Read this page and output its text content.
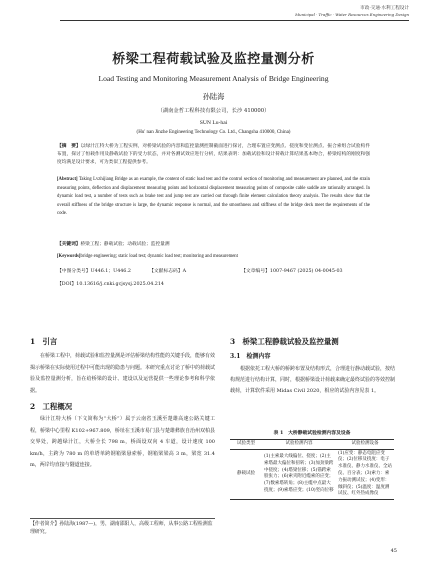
市政·交通·水利工程设计
Municipal · Traffic · Water Resources Engineering Design
桥梁工程荷载试验及监控量测分析
Load Testing and Monitoring Measurement Analysis of Bridge Engineering
孙陆海
（湖南金哲工程科技有限公司，长沙 410000）
SUN Lu-hai
(Hu' nan Jinzhe Engineering Technology Co. Ltd., Changsha 410000, China)
【摘　要】以绿汁江特大桥为工程实例，对桥梁试验的内容和监控量测控制截面进行探讨，合理布置应变测点、挠度和变位测点、振合索组合试验构件布置，探讨了恒载作用及静载试验下的受力状态，并对各测试效应进行分析，结果表明：加载试验和设计荷载计算结果基本吻合，桥梁结构的刚度和强度均满足设计要求，可为类似工程提供参考。
[Abstract] Taking Lvzhijiang Bridge as an example, the content of static load test and the control section of monitoring and measurement are planned, and the strain measuring points, deflection and displacement measuring points and horizontal displacement measuring points of composite cable saddle are rationally arranged. In dynamic load test, a number of tests such as brake test and jump test are carried out through finite element calculation theory analysis. The results show that the overall stiffness of the bridge structure is large, the dynamic response is normal, and the smoothness and stiffness of the bridge deck meet the requirements of the code.
【关键词】桥梁工程；静载试验；动载试验；监控量测
[Keywords]bridge engineering; static load test; dynamic load test; monitoring and measurement
【中图分类号】U446.1；U446.2	【文献标志码】A	【文章编号】1007-9467 (2025) 04-0045-03
【DOI】10.13616/j.cnki.gcjsysj.2025.04.214
1　引言
在桥梁工程中，荷载试验和监控量测是评估桥梁结构性能的关键手段，能够有效揭示桥梁在实际使用过程中可能出现的隐患与问题。本研究重点讨论了桥中的荷载试验及监控量测分析，旨在给桥梁的设计、建设以及运营提供一些理论参考和科学依据。
2　工程概况
绿汁江特大桥（下文简称为“大桥”）属于云南省玉溪至楚雄高速公路关键工程，桥梁中心里程 K102+967.809，桥址在玉溪市易门县与楚雄彝族自治州双柏县交界处，跨越绿汁江，大桥全长 798 m，桥面设双向 4 车道，设计速度 100 km/h，主跨为 780 m 的单塔单跨钢箱梁悬索桥，钢箱梁梁高 3 m，梁宽 31.4 m，两岸均直接与隧道连接。
3　桥梁工程静载试验及监控量测
3.1　检测内容
根据依托工程大桥的桥跨布置及结构形式，合理进行静动载试验，按结构规范进行结构计算，同时，根据桥梁设计荷载来确定最终试验的等效控制载荷，计算软件采用 Midas Civil 2020，相应的试验内容见表 1。
表 1　大桥静载试验检测内容及设备
试验类型	试验检测内容	试验检测设备
静载试验	(1)主索最大线偏位、挠度；(2)主索塔最大偏位和扭转；(3)加劲梁跨中挠度；(4)塔梁位移；(5)锚跨索股张力；(6)索夹附近缆索的应变；(7)数索塔转角；(8)主缆中点最大挠度；(9)索塔应变；(10)竖向位移	(1)应变：静态电阻应变仪；(2)位移及挠度：电子水准仪、静力水准仪、全站仪、百分表；(3)索力：索力振动测试仪；(4)变形：倾斜仪；(5)温度：温度测试仪、红外热成像仪
【作者简介】孙陆海(1987—)，男，湖南邵阳人，高级工程师，从事公路工程检测监理研究。
45
